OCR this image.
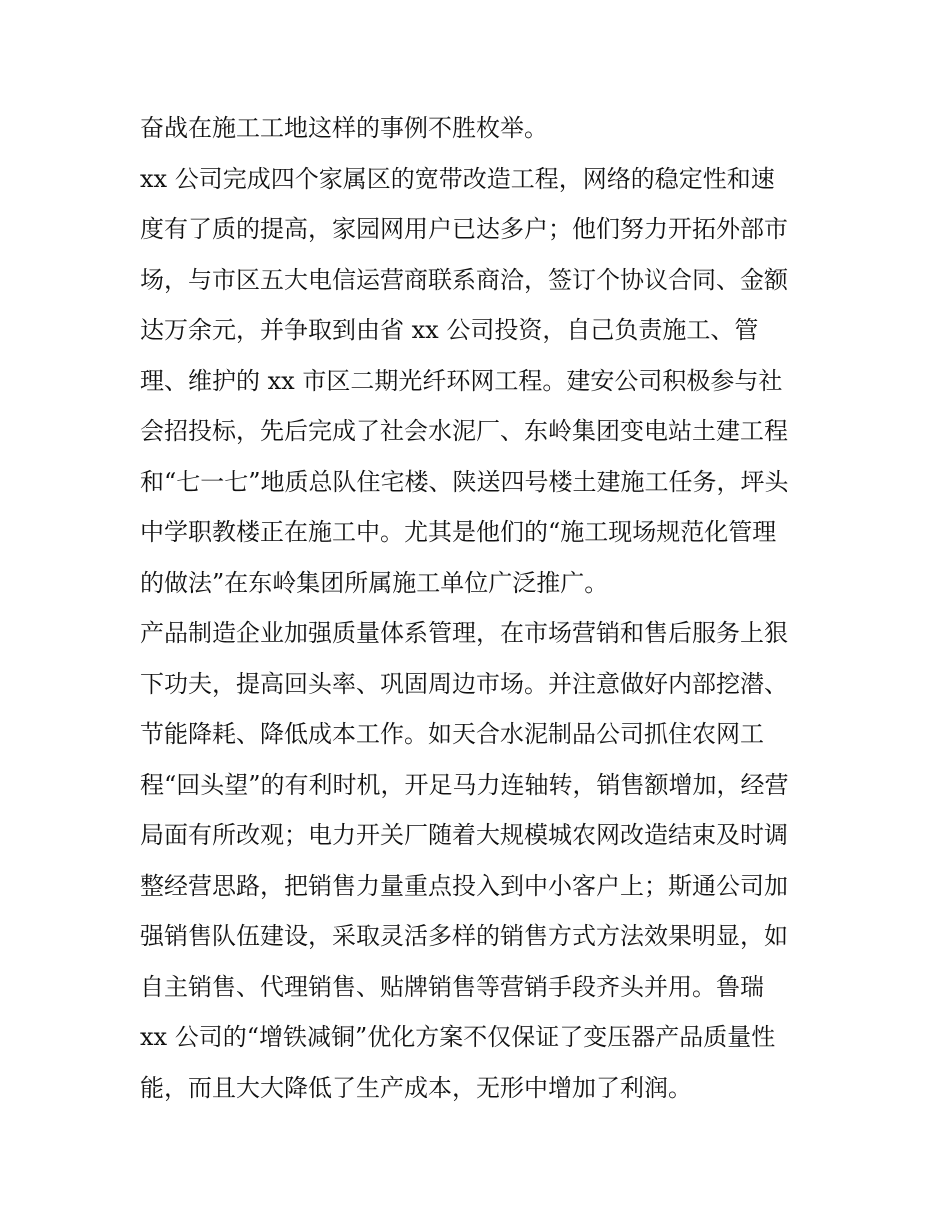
奋战在施工工地这样的事例不胜枚举。
xx 公司完成四个家属区的宽带改造工程，网络的稳定性和速
度有了质的提高，家园网用户已达多户；他们努力开拓外部市
场，与市区五大电信运营商联系商洽，签订个协议合同、金额
达万余元，并争取到由省 xx 公司投资，自己负责施工、管
理、维护的 xx 市区二期光纤环网工程。建安公司积极参与社
会招投标，先后完成了社会水泥厂、东岭集团变电站土建工程
和“七一七”地质总队住宅楼、陕送四号楼土建施工任务，坪头
中学职教楼正在施工中。尤其是他们的“施工现场规范化管理
的做法”在东岭集团所属施工单位广泛推广。
产品制造企业加强质量体系管理，在市场营销和售后服务上狠
下功夫，提高回头率、巩固周边市场。并注意做好内部挖潜、
节能降耗、降低成本工作。如天合水泥制品公司抓住农网工
程“回头望”的有利时机，开足马力连轴转，销售额增加，经营
局面有所改观；电力开关厂随着大规模城农网改造结束及时调
整经营思路，把销售力量重点投入到中小客户上；斯通公司加
强销售队伍建设，采取灵活多样的销售方式方法效果明显，如
自主销售、代理销售、贴牌销售等营销手段齐头并用。鲁瑞
xx 公司的“增铁减铜”优化方案不仅保证了变压器产品质量性
能，而且大大降低了生产成本，无形中增加了利润。
